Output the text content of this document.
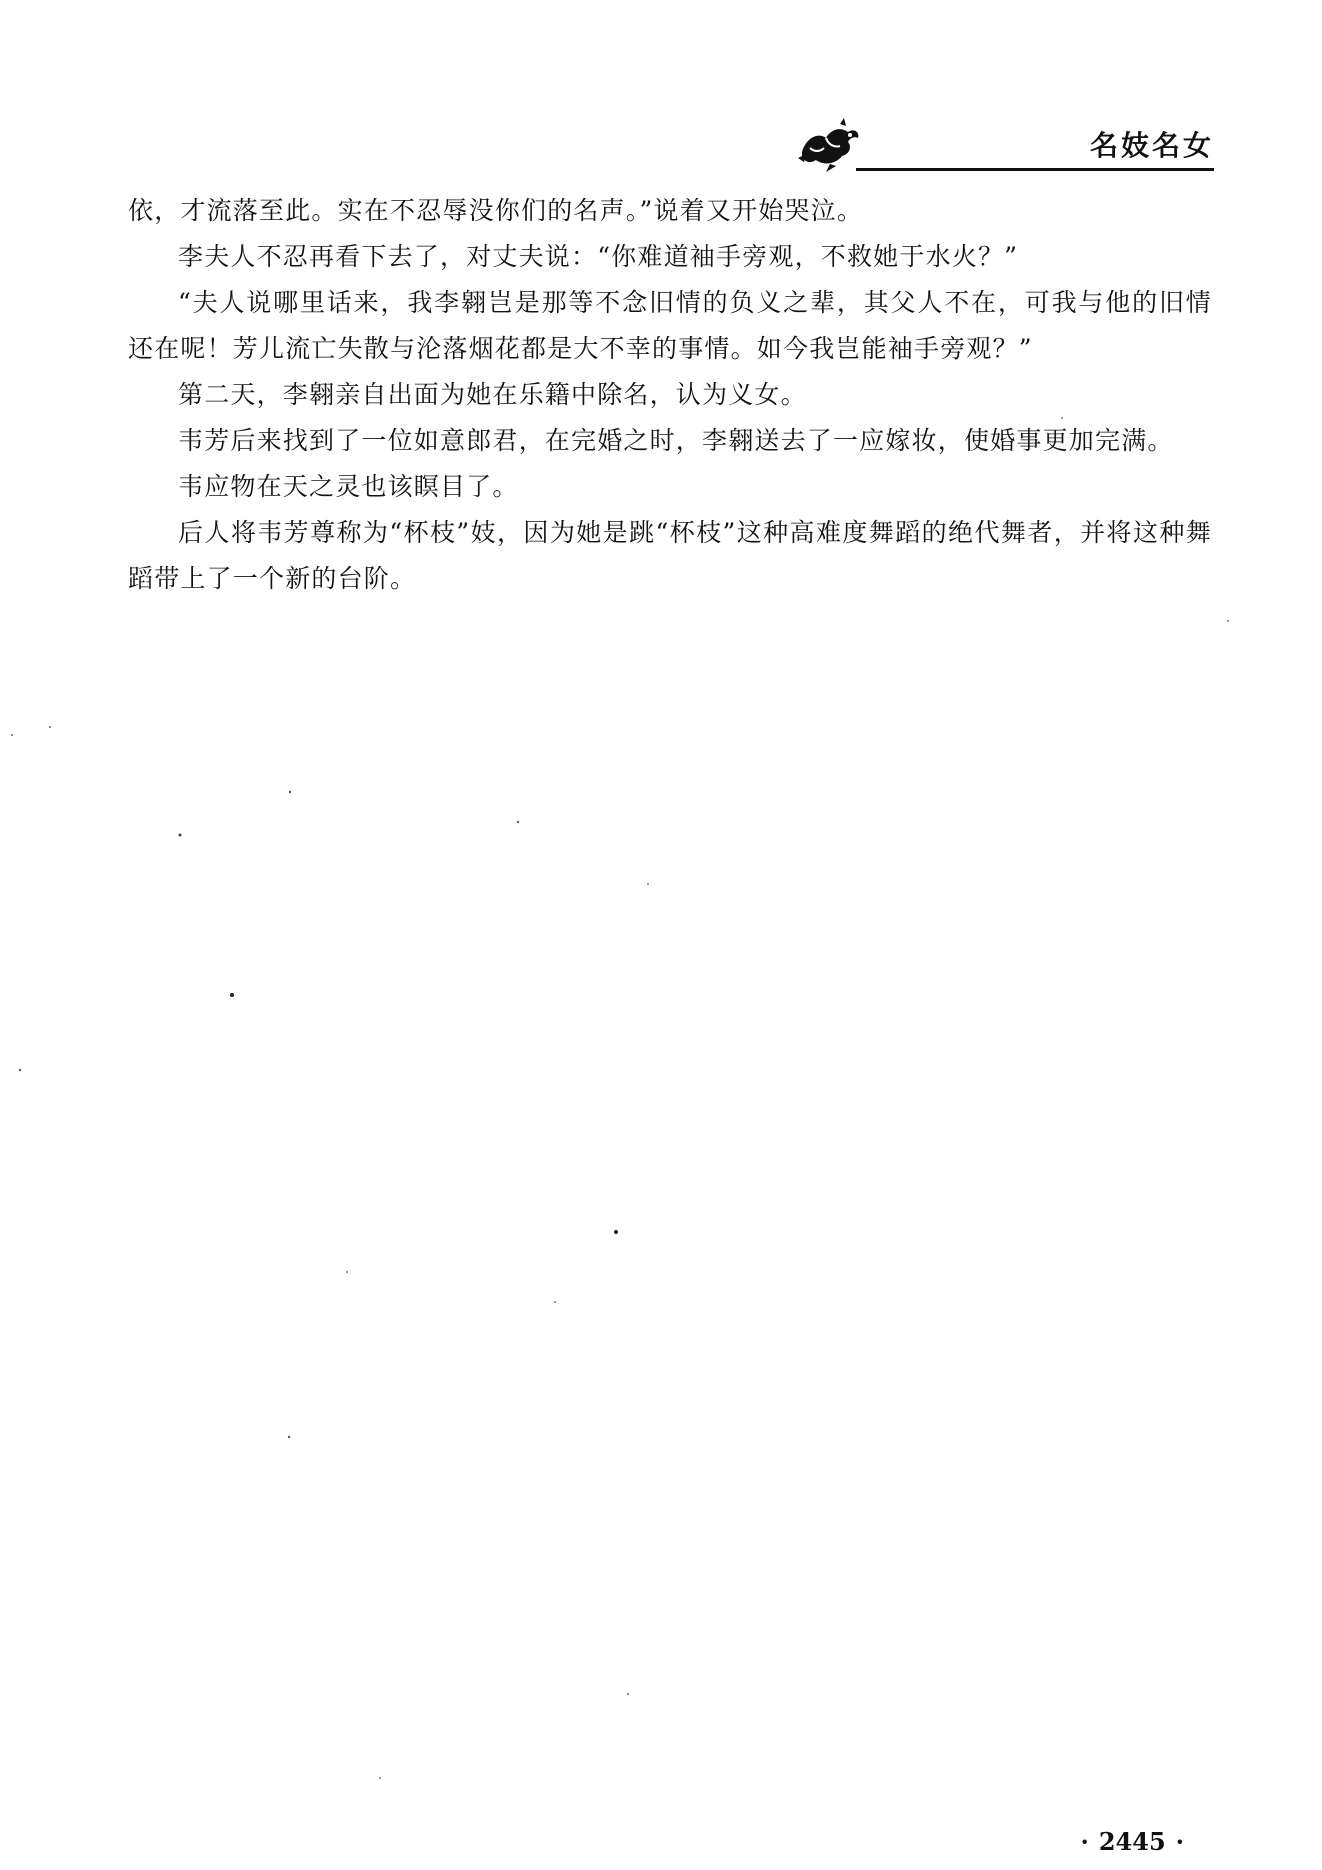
名妓名女

依，才流落至此。实在不忍辱没你们的名声。”说着又开始哭泣。

李夫人不忍再看下去了，对丈夫说：“你难道袖手旁观，不救她于水火？”

“夫人说哪里话来，我李翱岂是那等不念旧情的负义之辈，其父人不在，可我与他的旧情还在呢！芳儿流亡失散与沦落烟花都是大不幸的事情。如今我岂能袖手旁观？”

第二天，李翱亲自出面为她在乐籍中除名，认为义女。

韦芳后来找到了一位如意郎君，在完婚之时，李翱送去了一应嫁妆，使婚事更加完满。

韦应物在天之灵也该瞑目了。

后人将韦芳尊称为“杯枝”妓，因为她是跳“杯枝”这种高难度舞蹈的绝代舞者，并将这种舞蹈带上了一个新的台阶。

· 2445 ·
